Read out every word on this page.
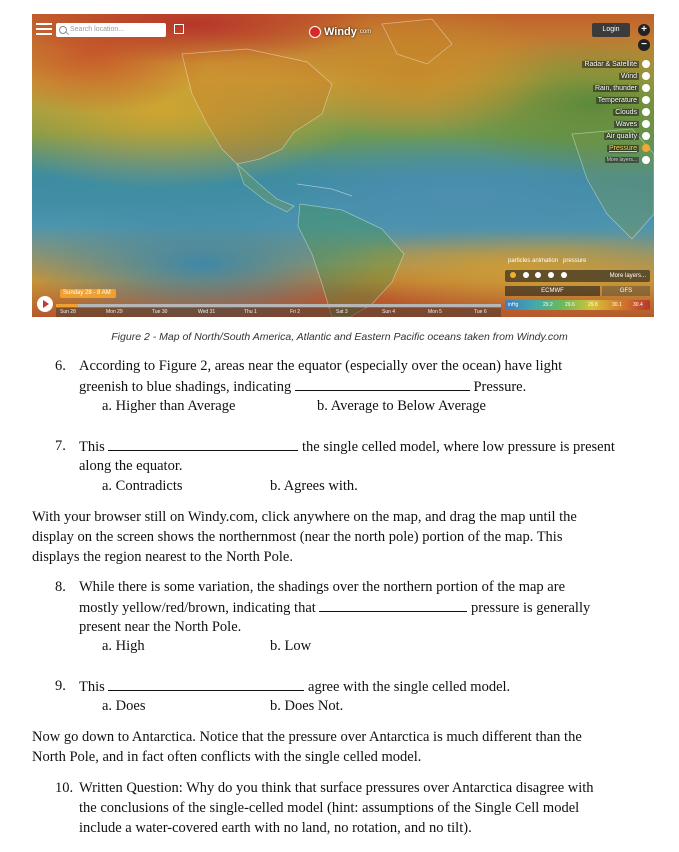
Search location...	Windy com	Login	+
−
Radar & Satellite
Wind
Rain, thunder
Temperature
Clouds
Waves
Air quality
Pressure
More layers...
particles animation pressure

More layers...
ECMWF	GFS
inHg	29.2 29.6	29.8	30.1 30.4
Sunday 28 - 8 AM
Sun 28	Mon 29	Tue 30	Wed 31	Thu 1	Fri 2	Sat 3	Sun 4	Mon 5	Tue 6
Figure 2 - Map of North/South America, Atlantic and Eastern Pacific oceans taken from Windy.com
6. According to Figure 2, areas near the equator (especially over the ocean) have light
greenish to blue shadings, indicating	Pressure.
a. Higher than Average	b. Average to Below Average
7. This	the single celled model, where low pressure is present
along the equator.
a. Contradicts	b. Agrees with.
With your browser still on Windy.com, click anywhere on the map, and drag the map until the
display on the screen shows the northernmost (near the north pole) portion of the map. This
displays the region nearest to the North Pole.
8. While there is some variation, the shadings over the northern portion of the map are
mostly yellow/red/brown, indicating that	pressure is generally
present near the North Pole.
a. High	b. Low
9. This	agree with the single celled model.
a. Does	b. Does Not.
Now go down to Antarctica. Notice that the pressure over Antarctica is much different than the
North Pole, and in fact often conflicts with the single celled model.
10. Written Question: Why do you think that surface pressures over Antarctica disagree with
the conclusions of the single-celled model (hint: assumptions of the Single Cell model
include a water-covered earth with no land, no rotation, and no tilt).
